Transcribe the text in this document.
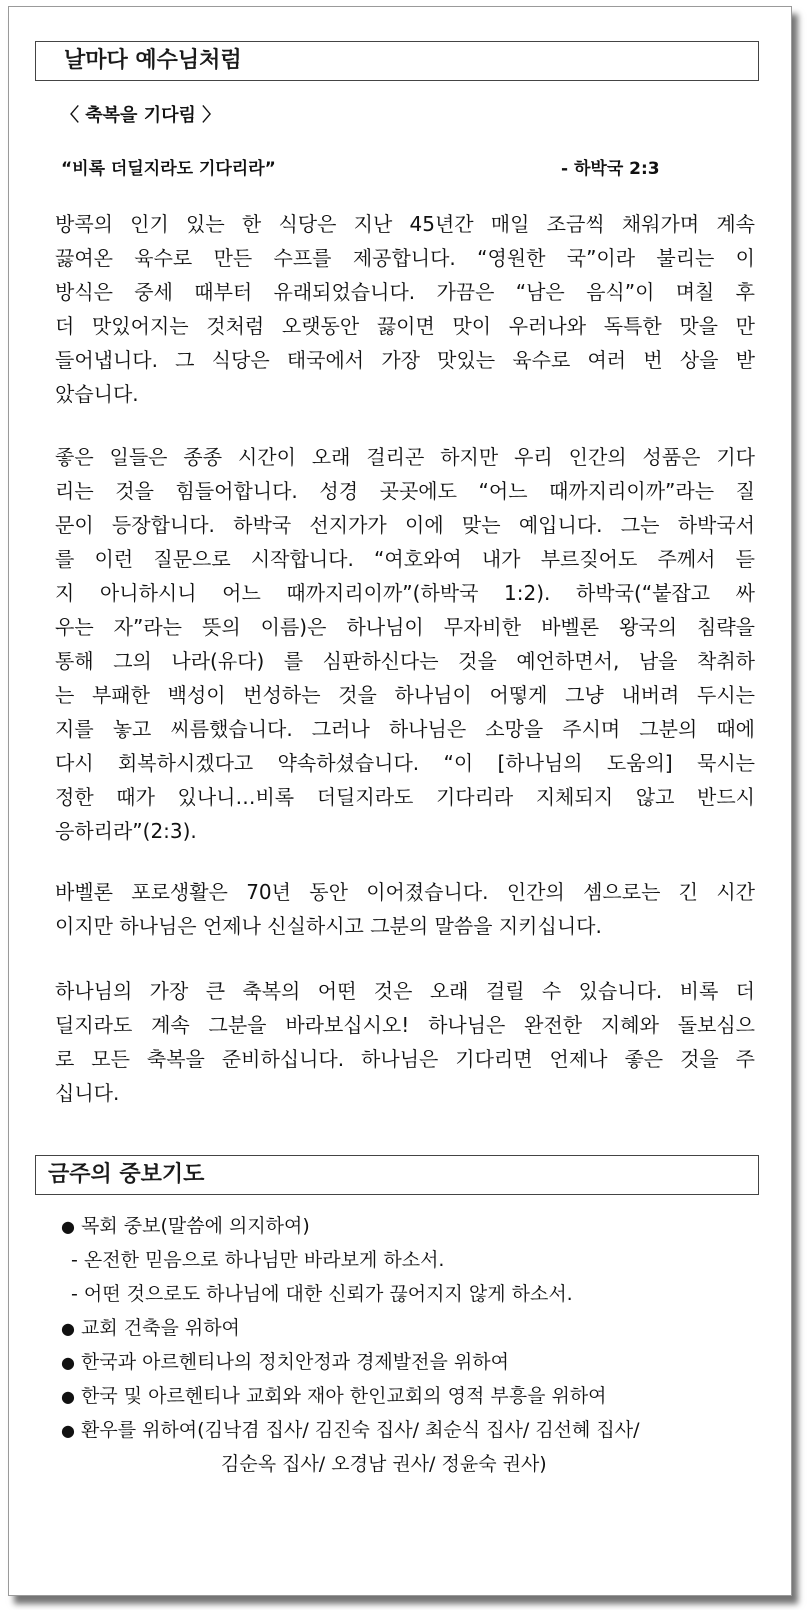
날마다 예수님처럼
〈 축복을 기다림 〉
“비록 더딜지라도 기다리라”	- 하박국 2:3
방콕의 인기 있는 한 식당은 지난 45년간 매일 조금씩 채워가며 계속
끓여온 육수로 만든 수프를 제공합니다. “영원한 국”이라 불리는 이
방식은 중세 때부터 유래되었습니다. 가끔은 “남은 음식”이 며칠 후
더 맛있어지는 것처럼 오랫동안 끓이면 맛이 우러나와 독특한 맛을 만
들어냅니다. 그 식당은 태국에서 가장 맛있는 육수로 여러 번 상을 받
았습니다.
좋은 일들은 종종 시간이 오래 걸리곤 하지만 우리 인간의 성품은 기다
리는 것을 힘들어합니다. 성경 곳곳에도 “어느 때까지리이까”라는 질
문이 등장합니다. 하박국 선지가가 이에 맞는 예입니다. 그는 하박국서
를 이런 질문으로 시작합니다. “여호와여 내가 부르짖어도 주께서 듣
지 아니하시니 어느 때까지리이까”(하박국 1:2). 하박국(“붙잡고 싸
우는 자”라는 뜻의 이름)은 하나님이 무자비한 바벨론 왕국의 침략을
통해 그의 나라(유다) 를 심판하신다는 것을 예언하면서, 남을 착취하
는 부패한 백성이 번성하는 것을 하나님이 어떻게 그냥 내버려 두시는
지를 놓고 씨름했습니다. 그러나 하나님은 소망을 주시며 그분의 때에
다시 회복하시겠다고 약속하셨습니다. “이 [하나님의 도움의] 묵시는
정한 때가 있나니…비록 더딜지라도 기다리라 지체되지 않고 반드시
응하리라”(2:3).
바벨론 포로생활은 70년 동안 이어졌습니다. 인간의 셈으로는 긴 시간
이지만 하나님은 언제나 신실하시고 그분의 말씀을 지키십니다.
하나님의 가장 큰 축복의 어떤 것은 오래 걸릴 수 있습니다. 비록 더
딜지라도 계속 그분을 바라보십시오! 하나님은 완전한 지혜와 돌보심으
로 모든 축복을 준비하십니다. 하나님은 기다리면 언제나 좋은 것을 주
십니다.
금주의 중보기도
● 목회 중보(말씀에 의지하여)
- 온전한 믿음으로 하나님만 바라보게 하소서.
- 어떤 것으로도 하나님에 대한 신뢰가 끊어지지 않게 하소서.
● 교회 건축을 위하여
● 한국과 아르헨티나의 정치안정과 경제발전을 위하여
● 한국 및 아르헨티나 교회와 재아 한인교회의 영적 부흥을 위하여
● 환우를 위하여(김낙겸 집사/ 김진숙 집사/ 최순식 집사/ 김선혜 집사/
김순옥 집사/ 오경남 권사/ 정윤숙 권사)
